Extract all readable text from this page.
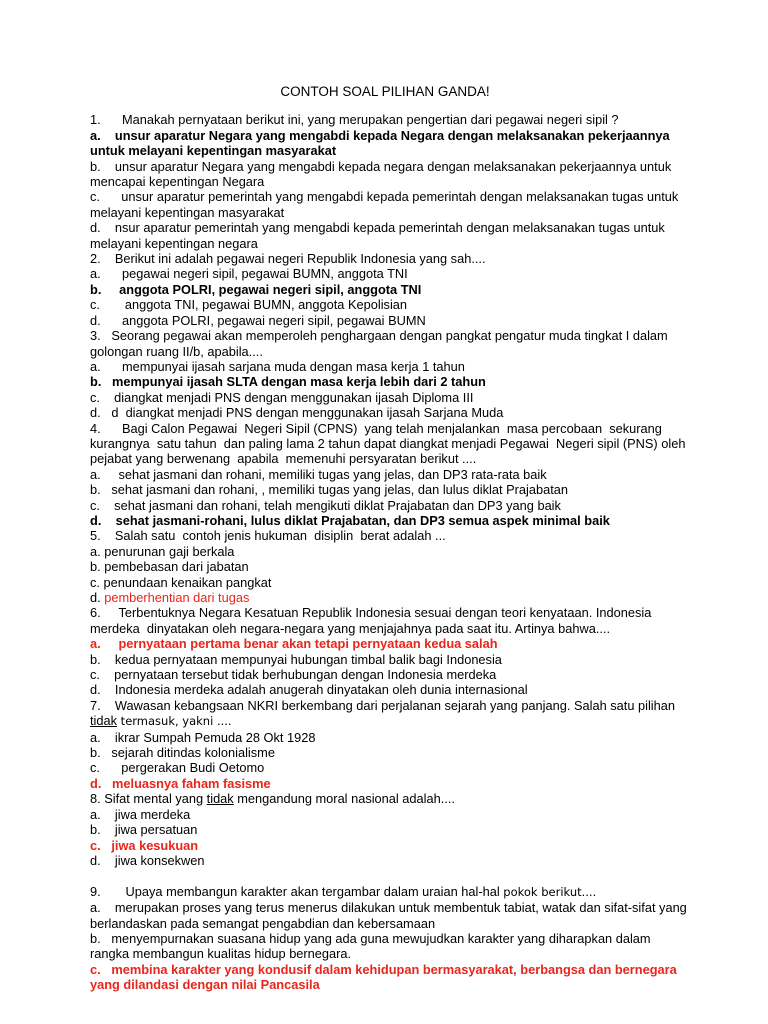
CONTOH SOAL PILIHAN GANDA!
1.      Manakah pernyataan berikut ini, yang merupakan pengertian dari pegawai negeri sipil ?
a.    unsur aparatur Negara yang mengabdi kepada Negara dengan melaksanakan pekerjaannya untuk melayani kepentingan masyarakat
b.    unsur aparatur Negara yang mengabdi kepada negara dengan melaksanakan pekerjaannya untuk mencapai kepentingan Negara
c.      unsur aparatur pemerintah yang mengabdi kepada pemerintah dengan melaksanakan tugas untuk melayani kepentingan masyarakat
d.    nsur aparatur pemerintah yang mengabdi kepada pemerintah dengan melaksanakan tugas untuk melayani kepentingan negara
2.    Berikut ini adalah pegawai negeri Republik Indonesia yang sah....
a.      pegawai negeri sipil, pegawai BUMN, anggota TNI
b.     anggota POLRI, pegawai negeri sipil, anggota TNI
c.       anggota TNI, pegawai BUMN, anggota Kepolisian
d.      anggota POLRI, pegawai negeri sipil, pegawai BUMN
3.   Seorang pegawai akan memperoleh penghargaan dengan pangkat pengatur muda tingkat I dalam golongan ruang II/b, apabila....
a.      mempunyai ijasah sarjana muda dengan masa kerja 1 tahun
b.   mempunyai ijasah SLTA dengan masa kerja lebih dari 2 tahun
c.    diangkat menjadi PNS dengan menggunakan ijasah Diploma III
d.   d  diangkat menjadi PNS dengan menggunakan ijasah Sarjana Muda
4.      Bagi Calon Pegawai  Negeri Sipil (CPNS)  yang telah menjalankan  masa percobaan  sekurang kurangnya  satu tahun  dan paling lama 2 tahun dapat diangkat menjadi Pegawai  Negeri sipil (PNS) oleh pejabat yang berwenang  apabila  memenuhi persyaratan berikut ....
a.     sehat jasmani dan rohani, memiliki tugas yang jelas, dan DP3 rata-rata baik
b.   sehat jasmani dan rohani, , memiliki tugas yang jelas, dan lulus diklat Prajabatan
c.    sehat jasmani dan rohani, telah mengikuti diklat Prajabatan dan DP3 yang baik
d.    sehat jasmani-rohani, lulus diklat Prajabatan, dan DP3 semua aspek minimal baik
5.    Salah satu  contoh jenis hukuman  disiplin  berat adalah ...
a. penurunan gaji berkala
b. pembebasan dari jabatan
c. penundaan kenaikan pangkat
d. pemberhentian dari tugas
6.     Terbentuknya Negara Kesatuan Republik Indonesia sesuai dengan teori kenyataan. Indonesia merdeka  dinyatakan oleh negara-negara yang menjajahnya pada saat itu. Artinya bahwa....
a.     pernyataan pertama benar akan tetapi pernyataan kedua salah
b.    kedua pernyataan mempunyai hubungan timbal balik bagi Indonesia
c.    pernyataan tersebut tidak berhubungan dengan Indonesia merdeka
d.    Indonesia merdeka adalah anugerah dinyatakan oleh dunia internasional
7.    Wawasan kebangsaan NKRI berkembang dari perjalanan sejarah yang panjang. Salah satu pilihan tidak termasuk, yakni ....
a.    ikrar Sumpah Pemuda 28 Okt 1928
b.   sejarah ditindas kolonialisme
c.      pergerakan Budi Oetomo
d.   meluasnya faham fasisme
8. Sifat mental yang tidak mengandung moral nasional adalah....
a.    jiwa merdeka
b.    jiwa persatuan
c.   jiwa kesukuan
d.    jiwa konsekwen
9.       Upaya membangun karakter akan tergambar dalam uraian hal-hal pokok berikut....
a.    merupakan proses yang terus menerus dilakukan untuk membentuk tabiat, watak dan sifat-sifat yang berlandaskan pada semangat pengabdian dan kebersamaan
b.   menyempurnakan suasana hidup yang ada guna mewujudkan karakter yang diharapkan dalam rangka membangun kualitas hidup bernegara.
c.   membina karakter yang kondusif dalam kehidupan bermasyarakat, berbangsa dan bernegara yang dilandasi dengan nilai Pancasila
